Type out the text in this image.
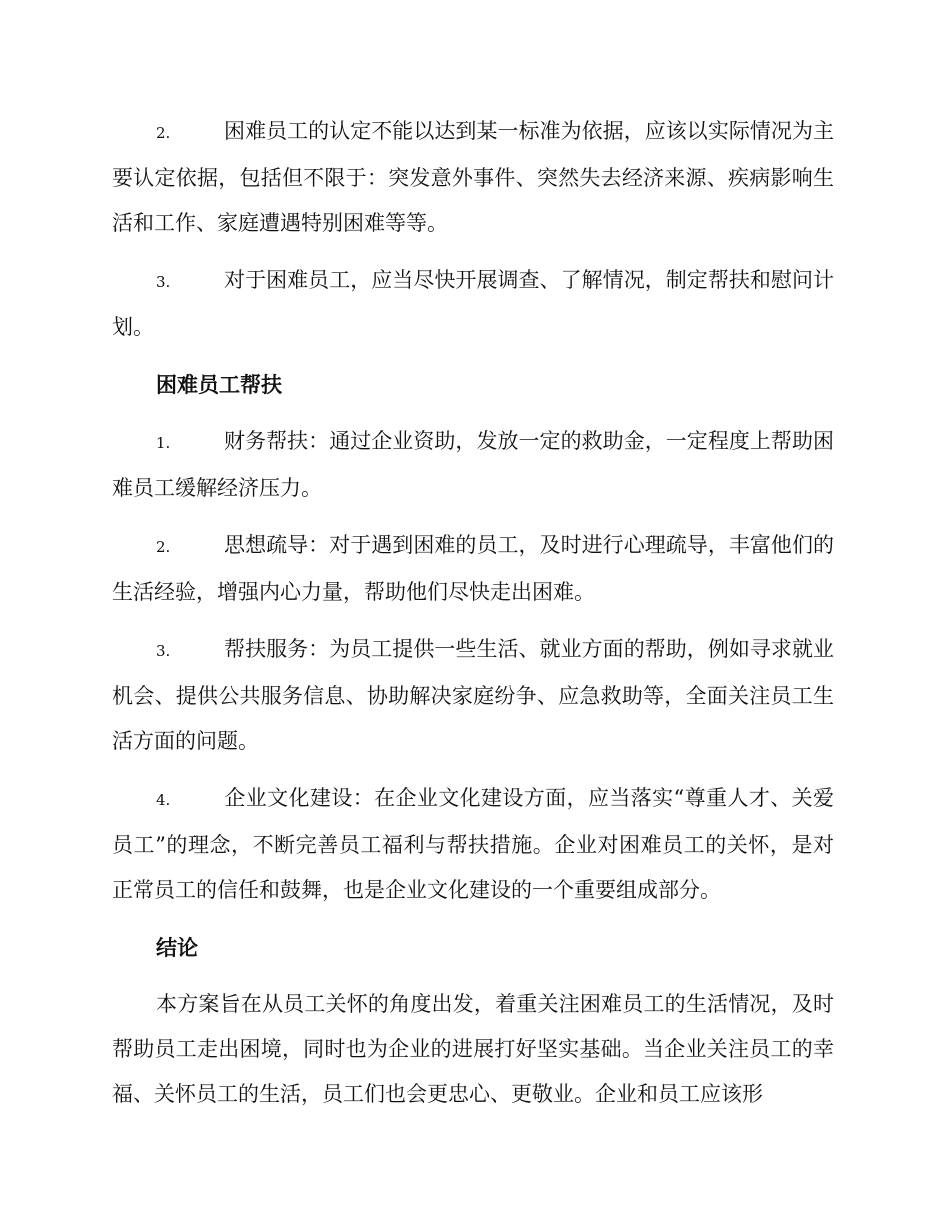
2.	困难员工的认定不能以达到某一标准为依据，应该以实际情况为主要认定依据，包括但不限于：突发意外事件、突然失去经济来源、疾病影响生活和工作、家庭遭遇特别困难等等。

3.	对于困难员工，应当尽快开展调查、了解情况，制定帮扶和慰问计划。

困难员工帮扶

1.	财务帮扶：通过企业资助，发放一定的救助金，一定程度上帮助困难员工缓解经济压力。

2.	思想疏导：对于遇到困难的员工，及时进行心理疏导，丰富他们的生活经验，增强内心力量，帮助他们尽快走出困难。

3.	帮扶服务：为员工提供一些生活、就业方面的帮助，例如寻求就业机会、提供公共服务信息、协助解决家庭纷争、应急救助等，全面关注员工生活方面的问题。

4.	企业文化建设：在企业文化建设方面，应当落实“尊重人才、关爱员工”的理念，不断完善员工福利与帮扶措施。企业对困难员工的关怀，是对正常员工的信任和鼓舞，也是企业文化建设的一个重要组成部分。

结论

本方案旨在从员工关怀的角度出发，着重关注困难员工的生活情况，及时帮助员工走出困境，同时也为企业的进展打好坚实基础。当企业关注员工的幸福、关怀员工的生活，员工们也会更忠心、更敬业。企业和员工应该形
